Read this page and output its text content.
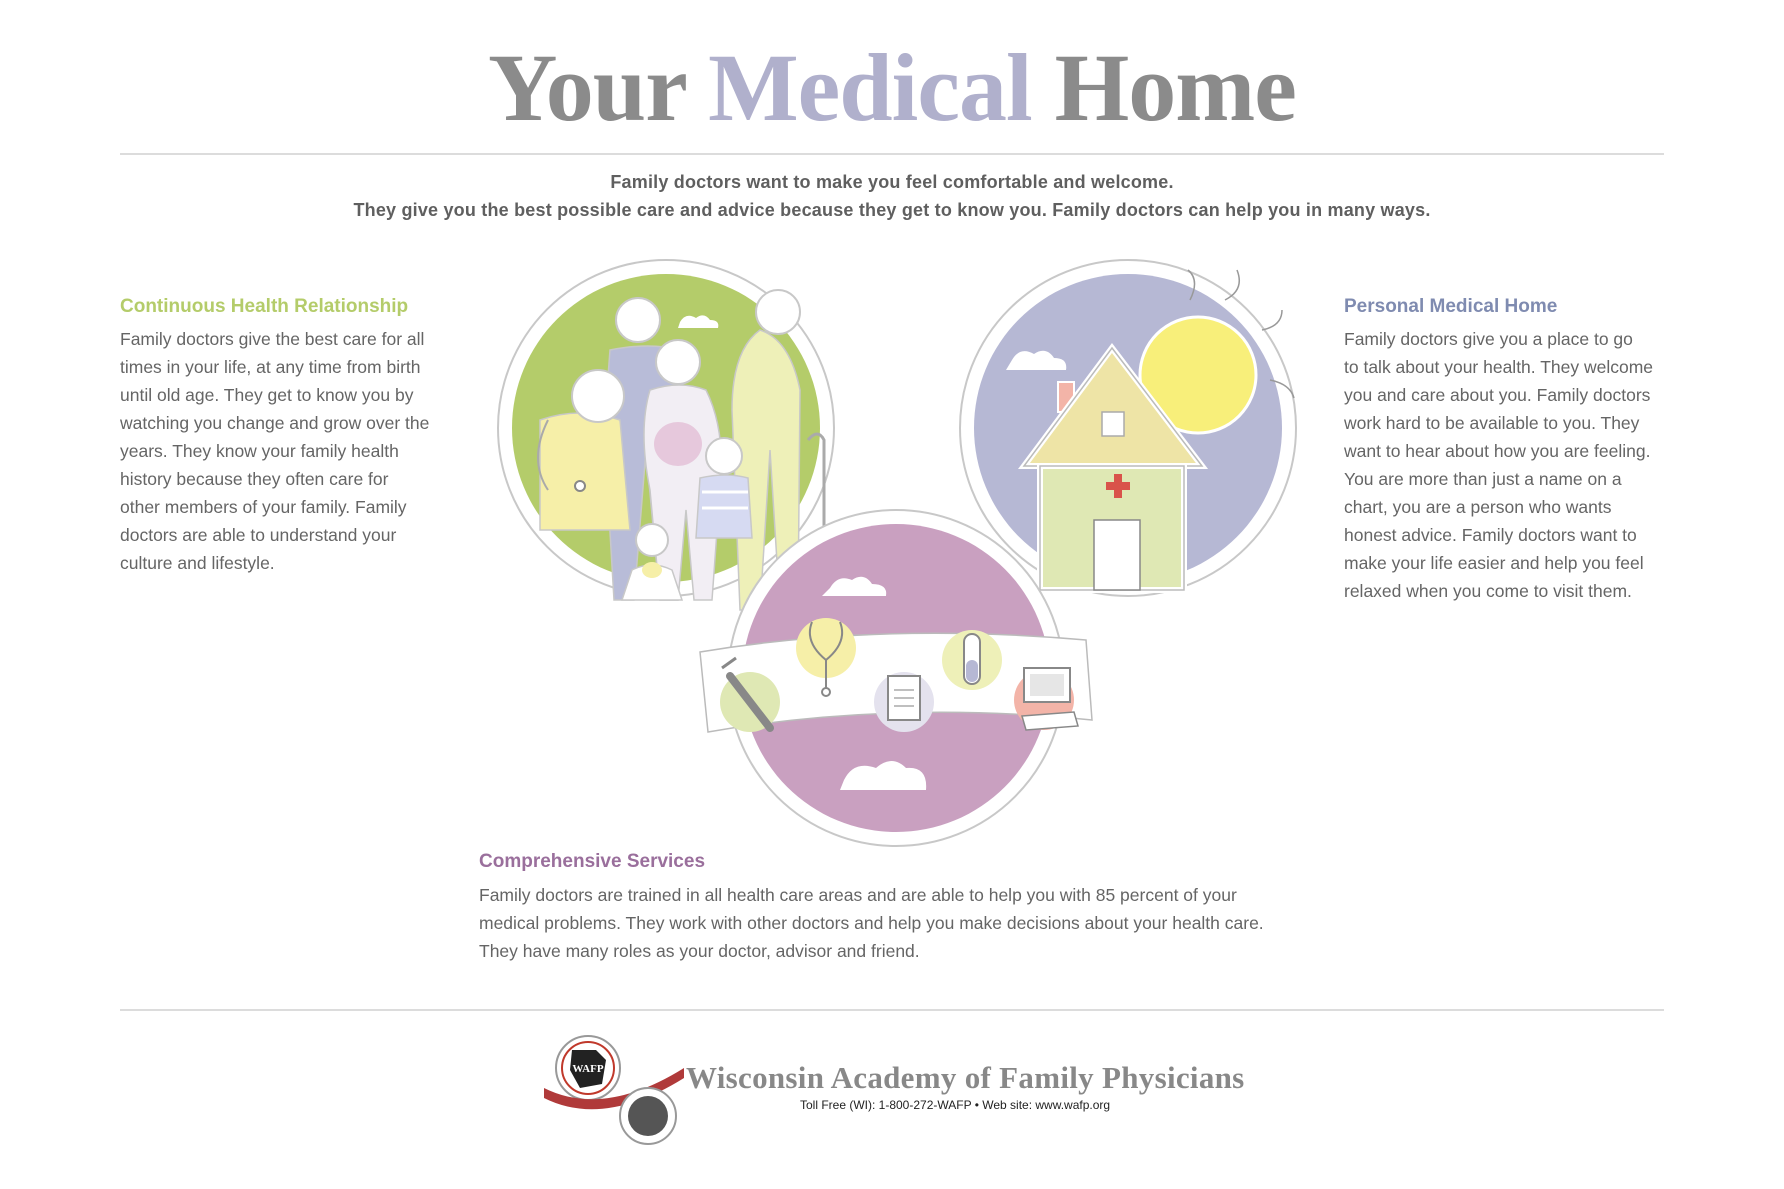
Your Medical Home
Family doctors want to make you feel comfortable and welcome.
They give you the best possible care and advice because they get to know you. Family doctors can help you in many ways.
Continuous Health Relationship
Family doctors give the best care for all
times in your life, at any time from birth
until old age. They get to know you by
watching you change and grow over the
years. They know your family health
history because they often care for
other members of your family. Family
doctors are able to understand your
culture and lifestyle.
Personal Medical Home
Family doctors give you a place to go
to talk about your health. They welcome
you and care about you. Family doctors
work hard to be available to you. They
want to hear about how you are feeling.
You are more than just a name on a
chart, you are a person who wants
honest advice. Family doctors want to
make your life easier and help you feel
relaxed when you come to visit them.
Comprehensive Services
Family doctors are trained in all health care areas and are able to help you with 85 percent of your
medical problems. They work with other doctors and help you make decisions about your health care.
They have many roles as your doctor, advisor and friend.
WAFP	Wisconsin Academy of Family Physicians
Toll Free (WI): 1-800-272-WAFP • Web site: www.wafp.org
